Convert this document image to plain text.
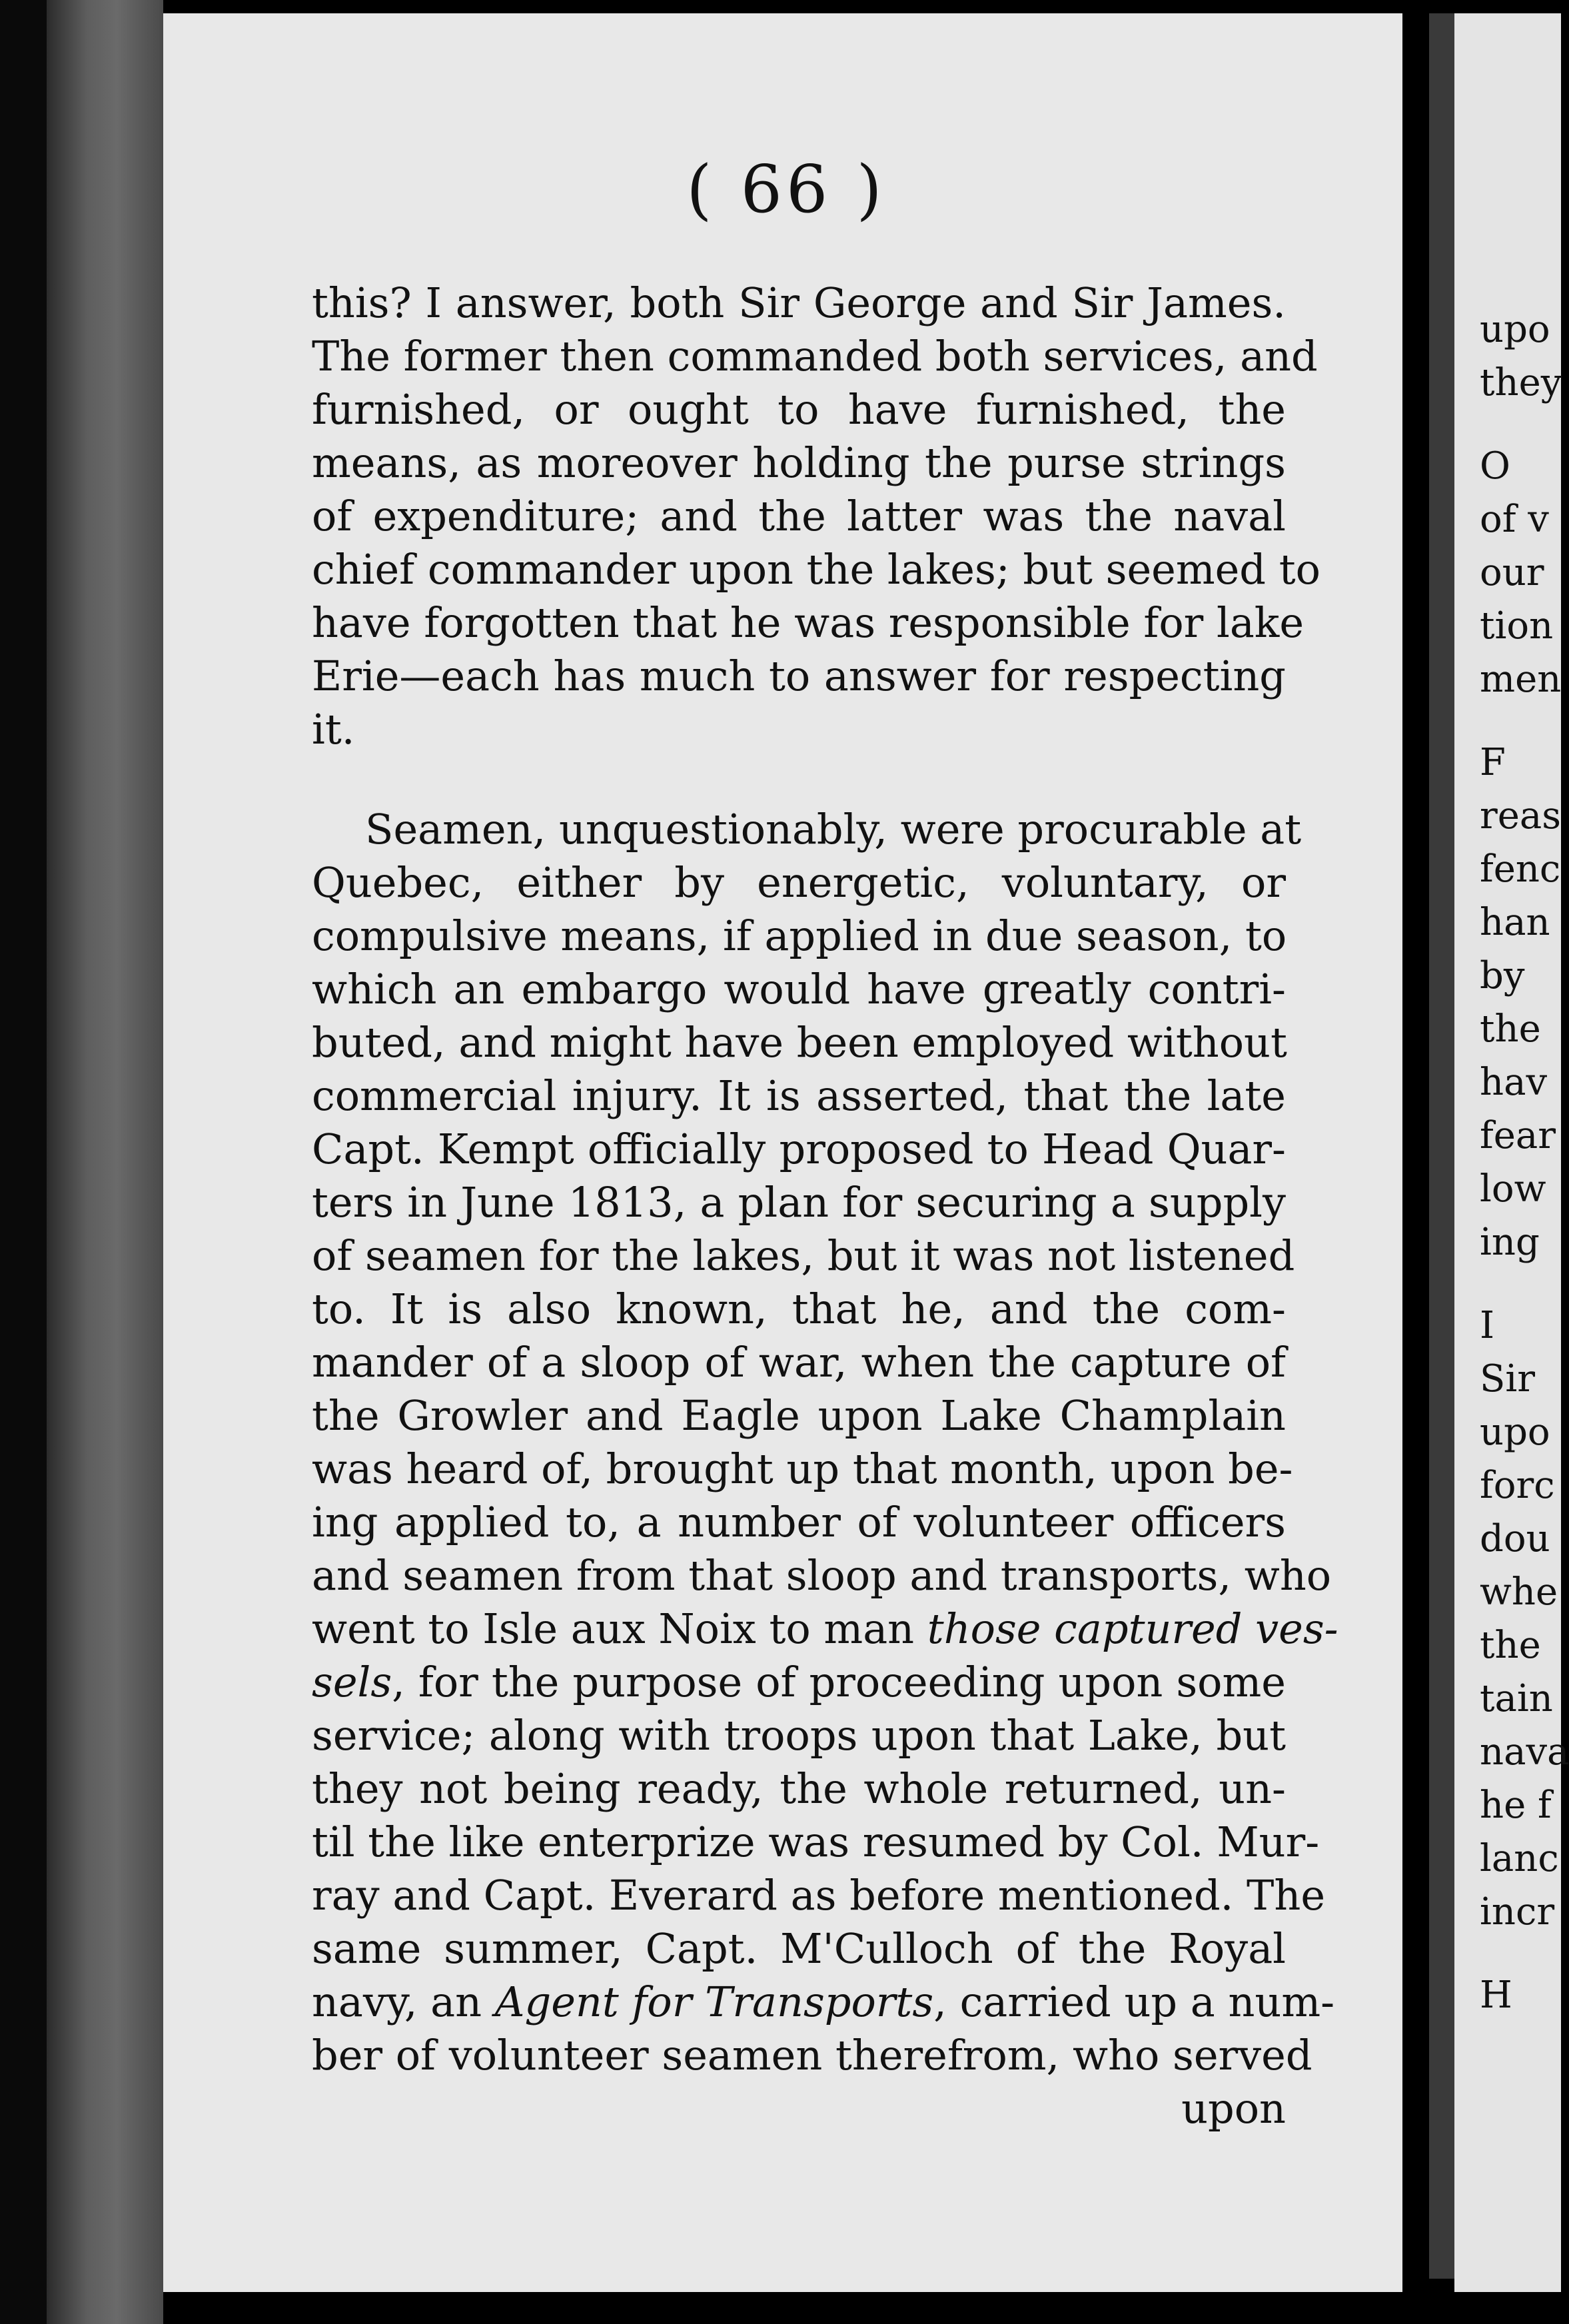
( 66 )
this? I answer, both Sir George and Sir James.
The former then commanded both services, and
furnished, or ought to have furnished, the
means, as moreover holding the purse strings
of expenditure; and the latter was the naval
chief commander upon the lakes; but seemed to
have forgotten that he was responsible for lake
Erie—each has much to answer for respecting
it.
Seamen, unquestionably, were procurable at
Quebec, either by energetic, voluntary, or
compulsive means, if applied in due season, to
which an embargo would have greatly contri-
buted, and might have been employed without
commercial injury. It is asserted, that the late
Capt. Kempt officially proposed to Head Quar-
ters in June 1813, a plan for securing a supply
of seamen for the lakes, but it was not listened
to. It is also known, that he, and the com-
mander of a sloop of war, when the capture of
the Growler and Eagle upon Lake Champlain
was heard of, brought up that month, upon be-
ing applied to, a number of volunteer officers
and seamen from that sloop and transports, who
went to Isle aux Noix to man those captured ves-
sels, for the purpose of proceeding upon some
service; along with troops upon that Lake, but
they not being ready, the whole returned, un-
til the like enterprize was resumed by Col. Mur-
ray and Capt. Everard as before mentioned. The
same summer, Capt. M'Culloch of the Royal
navy, an Agent for Transports, carried up a num-
ber of volunteer seamen therefrom, who served
upon
upo
they
O
of v
our
tion
men
F
reas
fenc
han
by
the
hav
fear
low
ing
I
Sir
upo
forc
dou
whe
the
tain
nava
he f
lanc
incr
H
